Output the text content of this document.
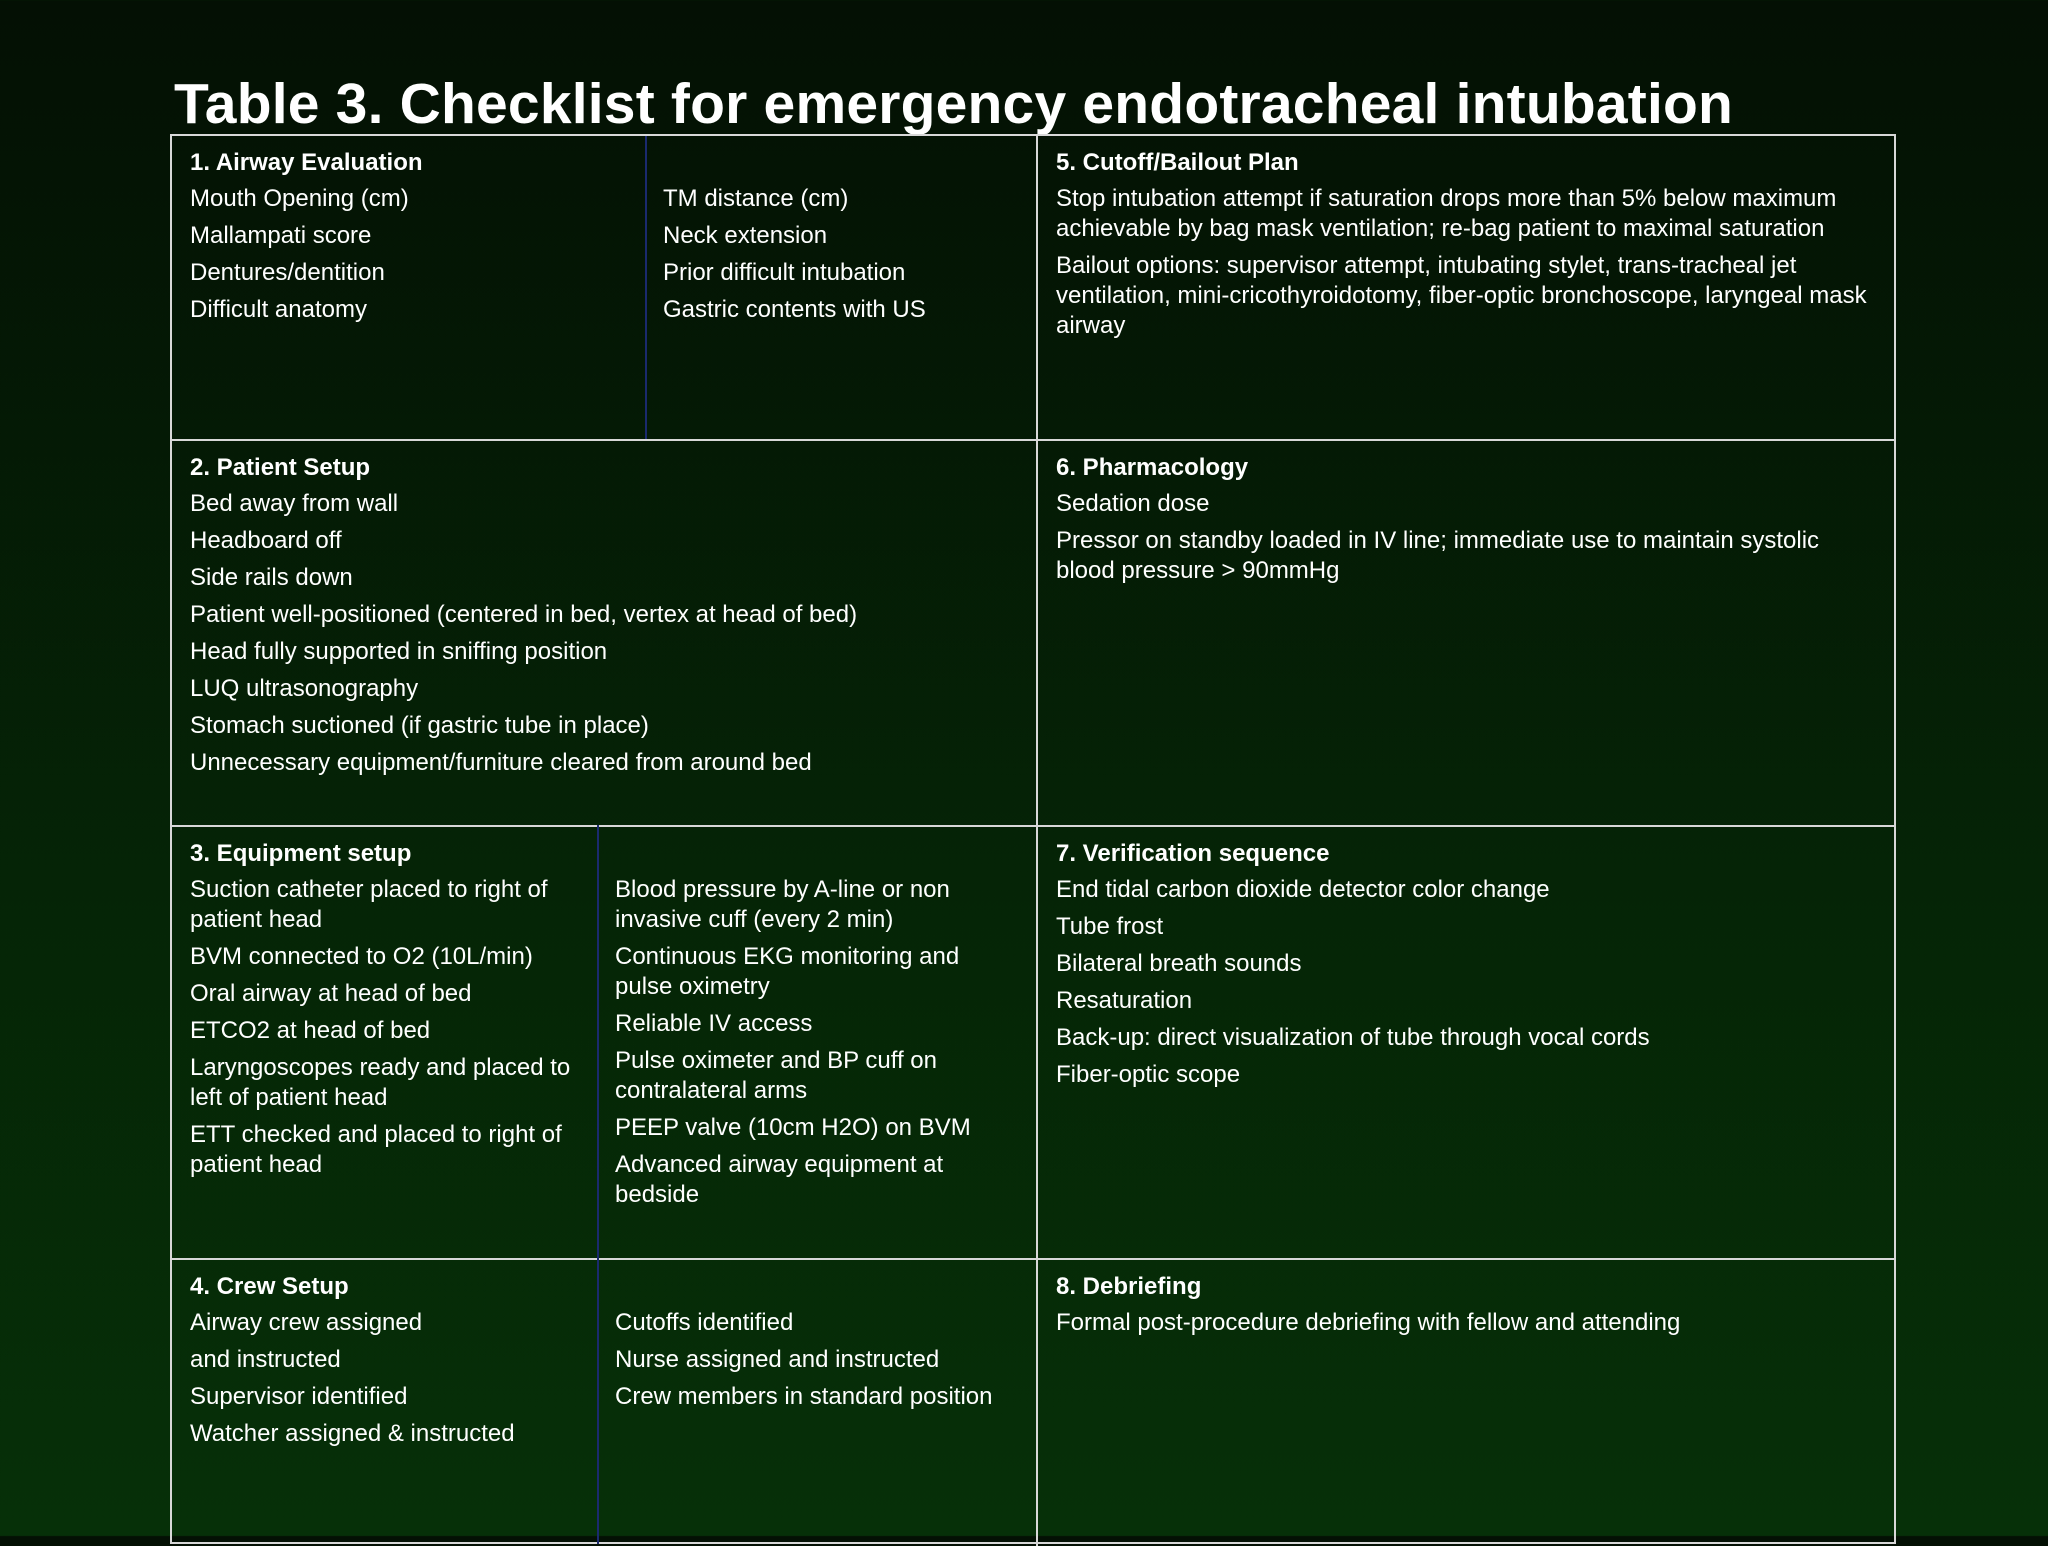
Table 3. Checklist for emergency endotracheal intubation
1. Airway Evaluation
Mouth Opening (cm)
Mallampati score
Dentures/dentition
Difficult anatomy
TM distance (cm)
Neck extension
Prior difficult intubation
Gastric contents with US
5. Cutoff/Bailout Plan
Stop intubation attempt if saturation drops more than 5% below maximum achievable by bag mask ventilation; re-bag patient to maximal saturation
Bailout options: supervisor attempt, intubating stylet, trans-tracheal jet ventilation, mini-cricothyroidotomy, fiber-optic bronchoscope, laryngeal mask airway
2. Patient Setup
Bed away from wall
Headboard off
Side rails down
Patient well-positioned (centered in bed, vertex at head of bed)
Head fully supported in sniffing position
LUQ ultrasonography
Stomach suctioned (if gastric tube in place)
Unnecessary equipment/furniture cleared from around bed
6. Pharmacology
Sedation dose
Pressor on standby loaded in IV line; immediate use to maintain systolic blood pressure > 90mmHg
3. Equipment setup
Suction catheter placed to right of patient head
BVM connected to O2 (10L/min)
Oral airway at head of bed
ETCO2 at head of bed
Laryngoscopes ready and placed to left of patient head
ETT checked and placed to right of patient head
Blood pressure by A-line or non invasive cuff (every 2 min)
Continuous EKG monitoring and pulse oximetry
Reliable IV access
Pulse oximeter and BP cuff on contralateral arms
PEEP valve (10cm H2O) on BVM
Advanced airway equipment at bedside
7. Verification sequence
End tidal carbon dioxide detector color change
Tube frost
Bilateral breath sounds
Resaturation
Back-up: direct visualization of tube through vocal cords
Fiber-optic scope
4. Crew Setup
Airway crew assigned
and instructed
Supervisor identified
Watcher assigned & instructed
Cutoffs identified
Nurse assigned and instructed
Crew members in standard position
8. Debriefing
Formal post-procedure debriefing with fellow and attending
